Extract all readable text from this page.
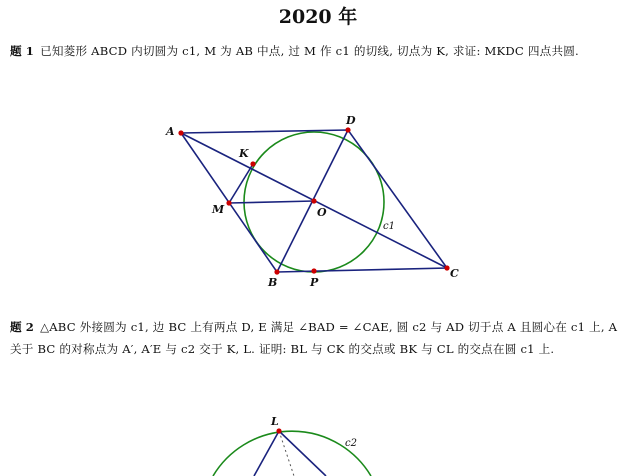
2020 年
题 1 已知菱形 ABCD 内切圆为 c1, M 为 AB 中点, 过 M 作 c1 的切线, 切点为 K, 求证: MKDC 四点共圆.
题 2 △ABC 外接圆为 c1, 边 BC 上有两点 D, E 满足 ∠BAD = ∠CAE, 圆 c2 与 AD 切于点 A 且圆心在 c1 上, A 关于 BC 的对称点为 A′, A′E 与 c2 交于 K, L. 证明: BL 与 CK 的交点或 BK 与 CL 的交点在圆 c1 上.
A
D
K
M	O
B	P
C
c1
L
c2
